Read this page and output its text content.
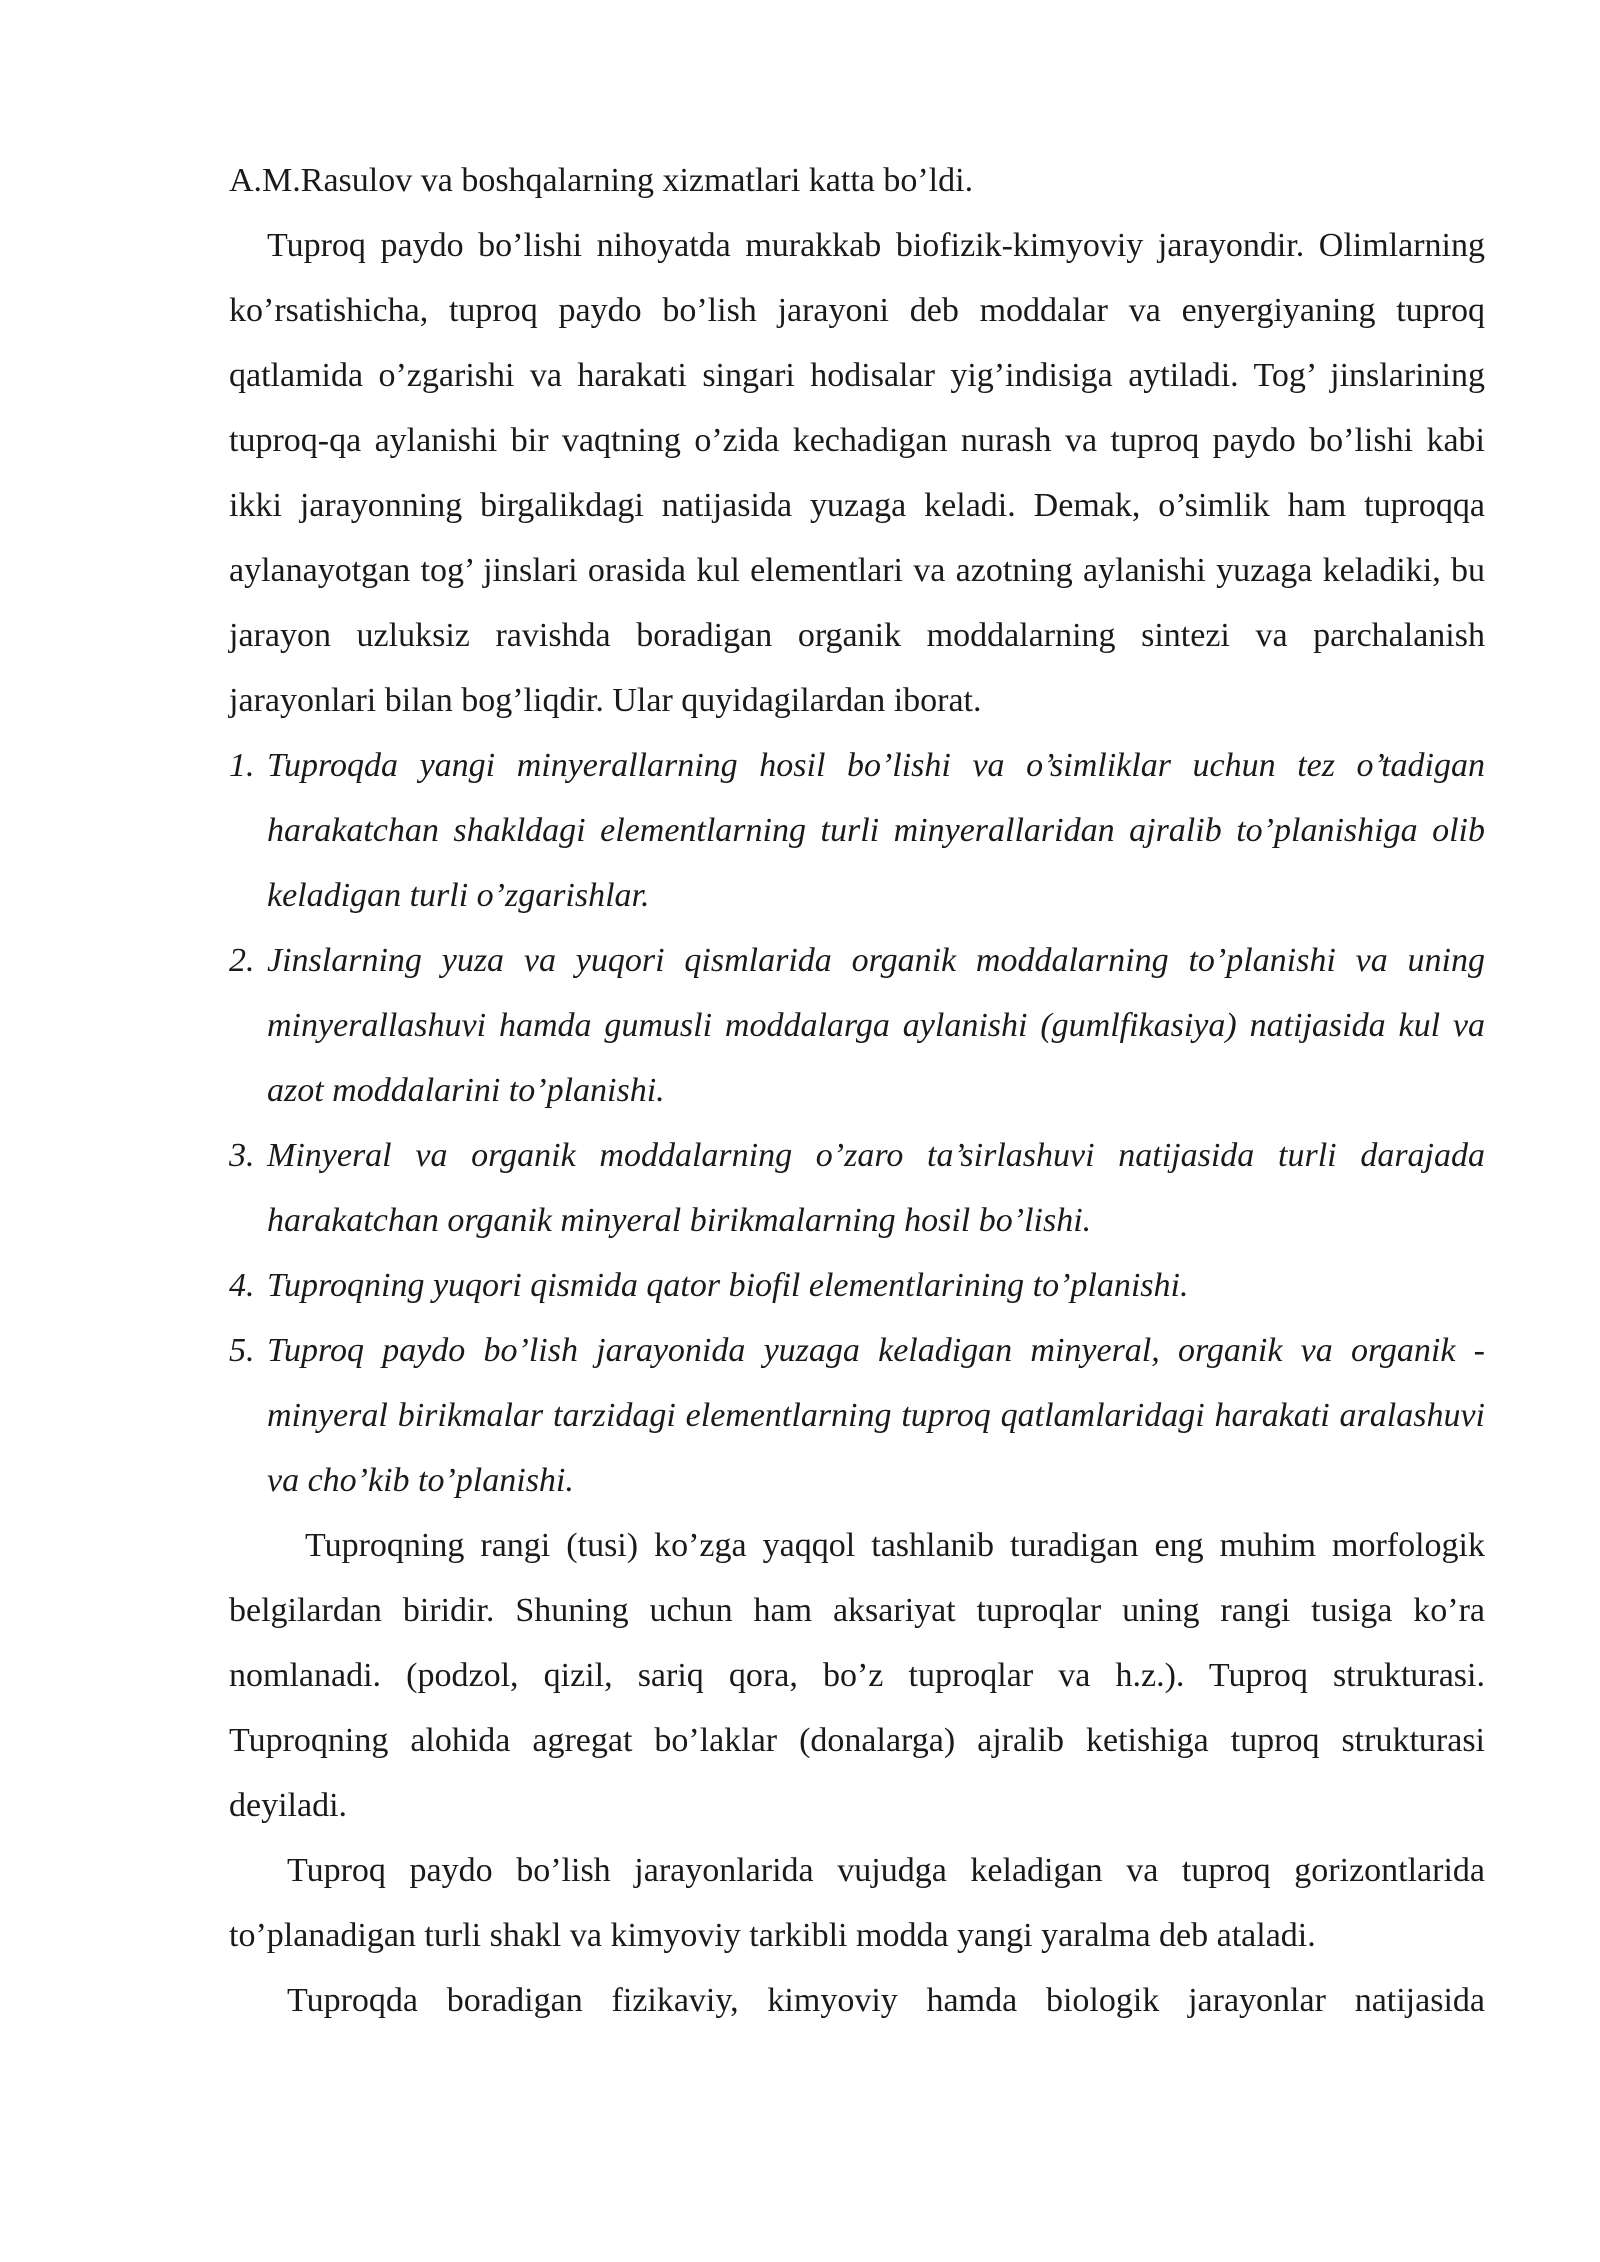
A.M.Rasulov va boshqalarning xizmatlari katta bo’ldi.

Tuproq paydo bo’lishi nihoyatda murakkab biofizik-kimyoviy jarayondir. Olimlarning ko’rsatishicha, tuproq paydo bo’lish jarayoni deb moddalar va enyergiyaning tuproq qatlamida o’zgarishi va harakati singari hodisalar yig’indisiga aytiladi. Tog’ jinslarining tuproq-qa aylanishi bir vaqtning o’zida kechadigan nurash va tuproq paydo bo’lishi kabi ikki jarayonning birgalikdagi natijasida yuzaga keladi. Demak, o’simlik ham tuproqqa aylanayotgan tog’ jinslari orasida kul elementlari va azotning aylanishi yuzaga keladiki, bu jarayon uzluksiz ravishda boradigan organik moddalarning sintezi va parchalanish jarayonlari bilan bog’liqdir. Ular quyidagilardan iborat.

1. Tuproqda yangi minyerallarning hosil bo’lishi va o’simliklar uchun tez o’tadigan harakatchan shakldagi elementlarning turli minyerallaridan ajralib to’planishiga olib keladigan turli o’zgarishlar.
2. Jinslarning yuza va yuqori qismlarida organik moddalarning to’planishi va uning minyerallashuvi hamda gumusli moddalarga aylanishi (gumlfikasiya) natijasida kul va azot moddalarini to’planishi.
3. Minyeral va organik moddalarning o’zaro ta’sirlashuvi natijasida turli darajada harakatchan organik minyeral birikmalarning hosil bo’lishi.
4. Tuproqning yuqori qismida qator biofil elementlarining to’planishi.
5. Tuproq paydo bo’lish jarayonida yuzaga keladigan minyeral, organik va organik - minyeral birikmalar tarzidagi elementlarning tuproq qatlamlaridagi harakati aralashuvi va cho’kib to’planishi.

Tuproqning rangi (tusi) ko’zga yaqqol tashlanib turadigan eng muhim morfologik belgilardan biridir. Shuning uchun ham aksariyat tuproqlar uning rangi tusiga ko’ra nomlanadi. (podzol, qizil, sariq qora, bo’z tuproqlar va h.z.). Tuproq strukturasi. Tuproqning alohida agregat bo’laklar (donalarga) ajralib ketishiga tuproq strukturasi deyiladi.

Tuproq paydo bo’lish jarayonlarida vujudga keladigan va tuproq gorizontlarida to’planadigan turli shakl va kimyoviy tarkibli modda yangi yaralma deb ataladi.

Tuproqda boradigan fizikaviy, kimyoviy hamda biologik jarayonlar natijasida
